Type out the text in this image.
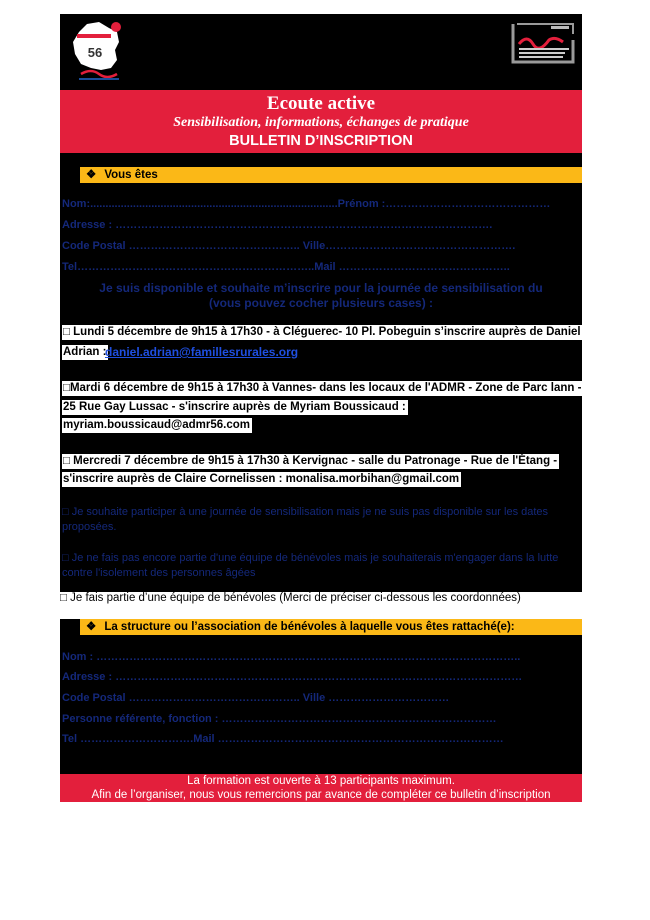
56
Ecoute active
Sensibilisation, informations, échanges de pratique
BULLETIN D’INSCRIPTION
❖ Vous êtes
Nom:.................................................................................Prénom :………………………………………
Adresse : ………………………………………………………………………………………….
Code Postal ……………………………………….. Ville…………………………………………….
Tel………………………………………………………..Mail ………………………………………..
Je suis disponible et souhaite m’inscrire pour la journée de sensibilisation du
(vous pouvez cocher plusieurs cases) :
□ Lundi 5 décembre de 9h15 à 17h30 - à Cléguerec- 10 Pl. Pobeguin s’inscrire auprès de Daniel
Adrian :
daniel.adrian@famillesrurales.org
□Mardi 6 décembre de 9h15 à 17h30 à Vannes- dans les locaux de l'ADMR - Zone de Parc lann -
25 Rue Gay Lussac - s'inscrire auprès de Myriam Boussicaud :
myriam.boussicaud@admr56.com
□ Mercredi 7 décembre de 9h15 à 17h30 à Kervignac - salle du Patronage - Rue de l'Étang -
s'inscrire auprès de Claire Cornelissen : monalisa.morbihan@gmail.com
□ Je souhaite participer à une journée de sensibilisation mais je ne suis pas disponible sur les dates proposées.
□ Je ne fais pas encore partie d'une équipe de bénévoles mais je souhaiterais m'engager dans la lutte contre l'isolement des personnes âgées
□ Je fais partie d’une équipe de bénévoles (Merci de préciser ci-dessous les coordonnées)
❖ La structure ou l’association de bénévoles à laquelle vous êtes rattaché(e):
Nom : ……………………………………………………………………………………………………..
Adresse : …………………………………………………………………………………………………
Code Postal ……………………………………….. Ville ……………………………
Personne référente, fonction : …………………………………………………………………
Tel ………………………….Mail ……………………………………………………………………
La formation est ouverte à 13 participants maximum.
Afin de l’organiser, nous vous remercions par avance de compléter ce bulletin d’inscription
